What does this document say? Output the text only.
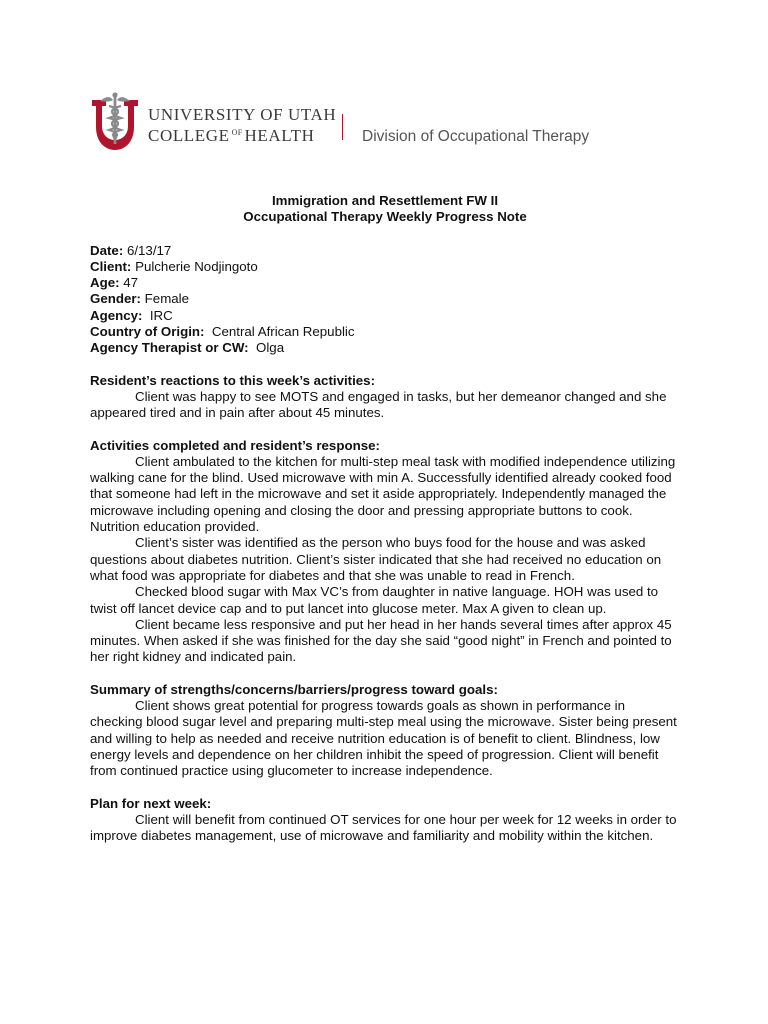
UNIVERSITY OF UTAH
COLLEGE $^{OF}$ HEALTH	Division of Occupational Therapy

Immigration and Resettlement FW II

Occupational Therapy Weekly Progress Note

Date: 6/13/17
Client: Pulcherie Nodjingoto
Age: 47
Gender: Female
Agency:  IRC
Country of Origin:  Central African Republic
Agency Therapist or CW:  Olga
Resident’s reactions to this week’s activities:

Client was happy to see MOTS and engaged in tasks, but her demeanor changed and she appeared tired and in pain after about 45 minutes.

Activities completed and resident’s response:

Client ambulated to the kitchen for multi-step meal task with modified independence utilizing walking cane for the blind. Used microwave with min A. Successfully identified already cooked food that someone had left in the microwave and set it aside appropriately. Independently managed the microwave including opening and closing the door and pressing appropriate buttons to cook. Nutrition education provided.

Client’s sister was identified as the person who buys food for the house and was asked questions about diabetes nutrition. Client’s sister indicated that she had received no education on what food was appropriate for diabetes and that she was unable to read in French.

Checked blood sugar with Max VC’s from daughter in native language. HOH was used to twist off lancet device cap and to put lancet into glucose meter. Max A given to clean up.

Client became less responsive and put her head in her hands several times after approx 45 minutes. When asked if she was finished for the day she said “good night” in French and pointed to her right kidney and indicated pain.

Summary of strengths/concerns/barriers/progress toward goals:

Client shows great potential for progress towards goals as shown in performance in checking blood sugar level and preparing multi-step meal using the microwave. Sister being present and willing to help as needed and receive nutrition education is of benefit to client. Blindness, low energy levels and dependence on her children inhibit the speed of progression. Client will benefit from continued practice using glucometer to increase independence.

Plan for next week:

Client will benefit from continued OT services for one hour per week for 12 weeks in order to improve diabetes management, use of microwave and familiarity and mobility within the kitchen.
